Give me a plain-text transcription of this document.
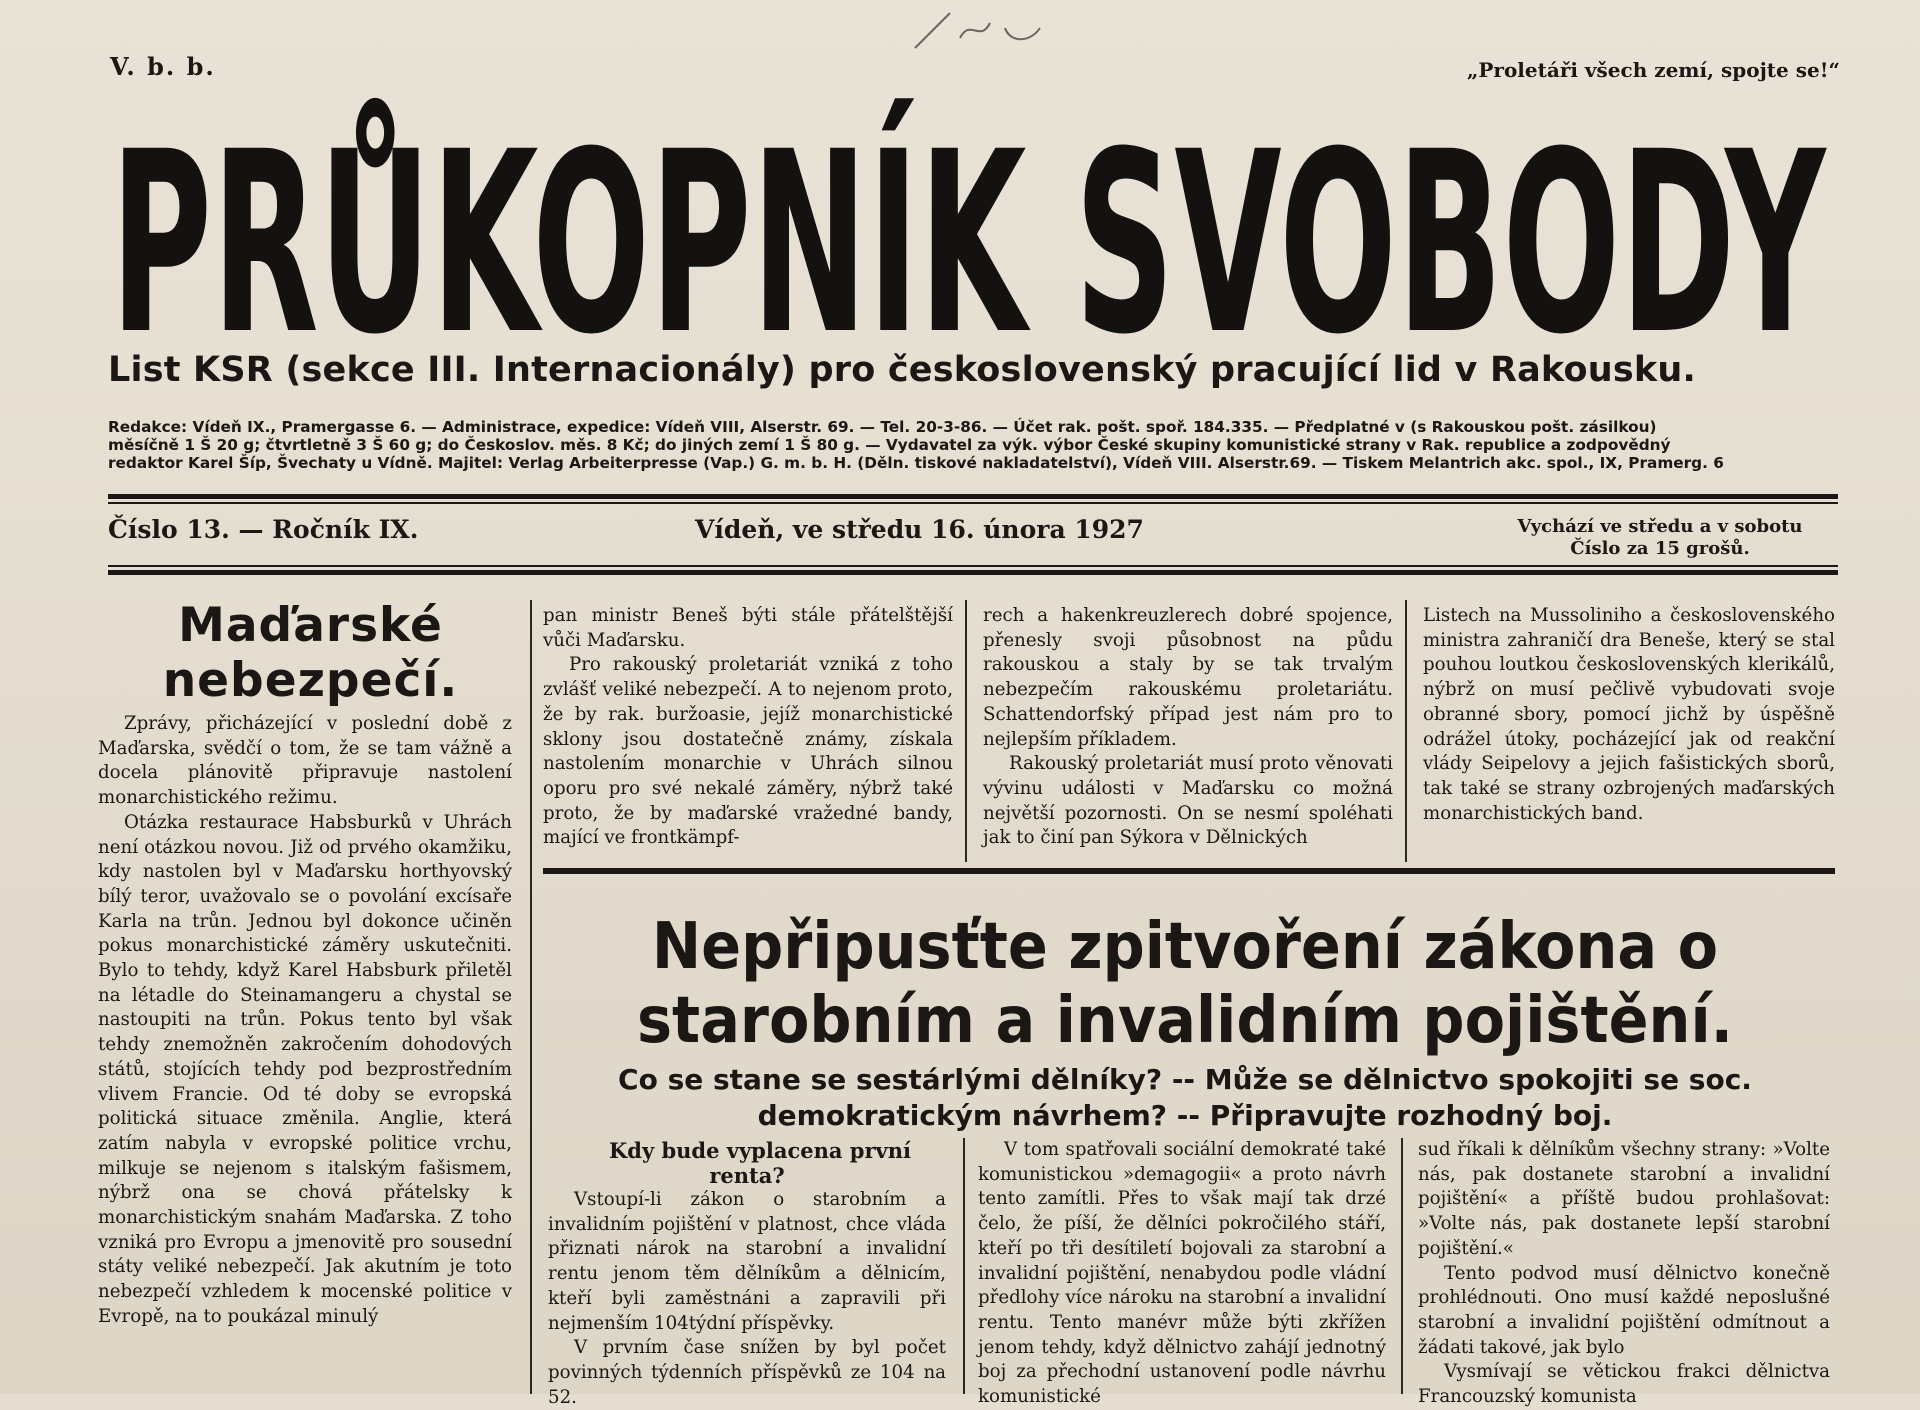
V. b. b.	„Proletáři všech zemí, spojte se!“
PRŮKOPNÍK SVOBODY
List KSR (sekce III. Internacionály) pro československý pracující lid v Rakousku.
Redakce: Vídeň IX., Pramergasse 6. — Administrace, expedice: Vídeň VIII, Alserstr. 69. — Tel. 20-3-86. — Účet rak. pošt. spoř. 184.335. — Předplatné v (s Rakouskou pošt. zásilkou)
měsíčně 1 Š 20 g; čtvrtletně 3 Š 60 g; do Českoslov. měs. 8 Kč; do jiných zemí 1 Š 80 g. — Vydavatel za výk. výbor České skupiny komunistické strany v Rak. republice a zodpovědný
redaktor Karel Šíp, Švechaty u Vídně. Majitel: Verlag Arbeiterpresse (Vap.) G. m. b. H. (Děln. tiskové nakladatelství), Vídeň VIII. Alserstr.69. — Tiskem Melantrich akc. spol., IX, Pramerg. 6
Číslo 13. — Ročník IX.	Vídeň, ve středu 16. února 1927	Vychází ve středu a v sobotu
Číslo za 15 grošů.
Maďarské nebezpečí.

Zprávy, přicházející v poslední době z Maďarska, svědčí o tom, že se tam vážně a docela plánovitě připravuje nastolení monarchistického režimu.

Otázka restaurace Habsburků v Uhrách není otázkou novou. Již od prvého okamžiku, kdy nastolen byl v Maďarsku horthyovský bílý teror, uvažovalo se o povolání excísaře Karla na trůn. Jednou byl dokonce učiněn pokus monarchistické záměry uskutečniti. Bylo to tehdy, když Karel Habsburk přiletěl na létadle do Steinamangeru a chystal se nastoupiti na trůn. Pokus tento byl však tehdy znemožněn zakročením dohodových států, stojících tehdy pod bezprostředním vlivem Francie. Od té doby se evropská politická situace změnila. Anglie, která zatím nabyla v evropské politice vrchu, milkuje se nejenom s italským fašismem, nýbrž ona se chová přátelsky k monarchistickým snahám Maďarska. Z toho vzniká pro Evropu a jmenovitě pro sousední státy veliké nebezpečí. Jak akutním je toto nebezpečí vzhledem k mocenské politice v Evropě, na to poukázal minulý

pan ministr Beneš býti stále přátelštější vůči Maďarsku.

Pro rakouský proletariát vzniká z toho zvlášť veliké nebezpečí. A to nejenom proto, že by rak. buržoasie, jejíž monarchistické sklony jsou dostatečně známy, získala nastolením monarchie v Uhrách silnou oporu pro své nekalé záměry, nýbrž také proto, že by maďarské vražedné bandy, mající ve frontkämpf-

rech a hakenkreuzlerech dobré spojence, přenesly svoji působnost na půdu rakouskou a staly by se tak trvalým nebezpečím rakouskému proletariátu. Schattendorfský případ jest nám pro to nejlepším příkladem.

Rakouský proletariát musí proto věnovati vývinu události v Maďarsku co možná největší pozornosti. On se nesmí spoléhati jak to činí pan Sýkora v Dělnických

Listech na Mussoliniho a československého ministra zahraničí dra Beneše, který se stal pouhou loutkou československých klerikálů, nýbrž on musí pečlivě vybudovati svoje obranné sbory, pomocí jichž by úspěšně odrážel útoky, pocházející jak od reakční vlády Seipelovy a jejich fašistických sborů, tak také se strany ozbrojených maďarských monarchistických band.

Nepřipusťte zpitvoření zákona o starobním a invalidním pojištění.
Co se stane se sestárlými dělníky? -- Může se dělnictvo spokojiti se soc. demokratickým návrhem? -- Připravujte rozhodný boj.

Kdy bude vyplacena první renta?

Vstoupí-li zákon o starobním a invalidním pojištění v platnost, chce vláda přiznati nárok na starobní a invalidní rentu jenom těm dělníkům a dělnicím, kteří byli zaměstnáni a zapravili při nejmenším 104týdní příspěvky.

V prvním čase snížen by byl počet povinných týdenních příspěvků ze 104 na 52.

V tom spatřovali sociální demokraté také komunistickou »demagogii« a proto návrh tento zamítli. Přes to však mají tak drzé čelo, že píší, že dělníci pokročilého stáří, kteří po tři desítiletí bojovali za starobní a invalidní pojištění, nenabydou podle vládní předlohy více nároku na starobní a invalidní rentu. Tento manévr může býti zkřížen jenom tehdy, když dělnictvo zahájí jednotný boj za přechodní ustanovení podle návrhu komunistické

sud říkali k dělníkům všechny strany: »Volte nás, pak dostanete starobní a invalidní pojištění« a příště budou prohlašovat: »Volte nás, pak dostanete lepší starobní pojištění.«

Tento podvod musí dělnictvo konečně prohlédnouti. Ono musí každé neposlušné starobní a invalidní pojištění odmítnout a žádati takové, jak bylo

Vysmívají se větickou frakci dělnictva Francouzský komunista
